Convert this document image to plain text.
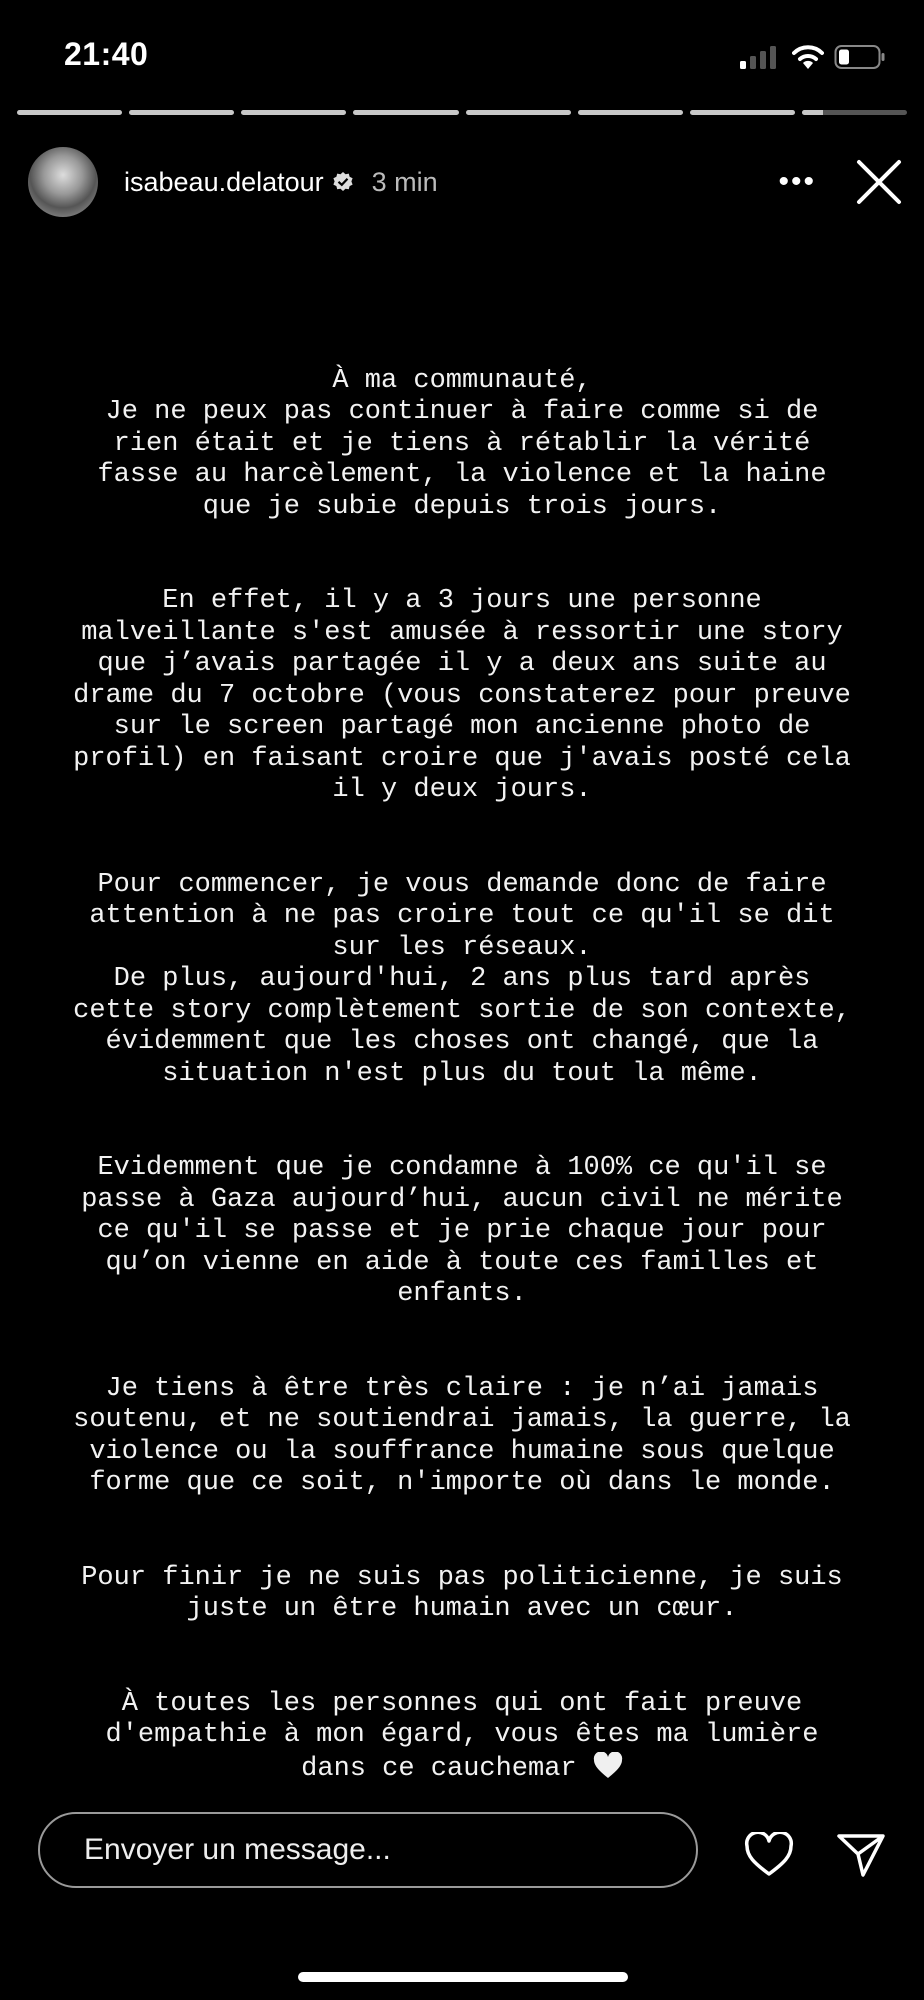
21:40
isabeau.delatour 3 min	•••

À ma communauté,
Je ne peux pas continuer à faire comme si de
rien était et je tiens à rétablir la vérité
fasse au harcèlement, la violence et la haine
que je subie depuis trois jours.

En effet, il y a 3 jours une personne
malveillante s'est amusée à ressortir une story
que j’avais partagée il y a deux ans suite au
drame du 7 octobre (vous constaterez pour preuve
sur le screen partagé mon ancienne photo de
profil) en faisant croire que j'avais posté cela
il y deux jours.

Pour commencer, je vous demande donc de faire
attention à ne pas croire tout ce qu'il se dit
sur les réseaux.
De plus, aujourd'hui, 2 ans plus tard après
cette story complètement sortie de son contexte,
évidemment que les choses ont changé, que la
situation n'est plus du tout la même.

Evidemment que je condamne à 100% ce qu'il se
passe à Gaza aujourd’hui, aucun civil ne mérite
ce qu'il se passe et je prie chaque jour pour
qu’on vienne en aide à toute ces familles et
enfants.

Je tiens à être très claire : je n’ai jamais
soutenu, et ne soutiendrai jamais, la guerre, la
violence ou la souffrance humaine sous quelque
forme que ce soit, n'importe où dans le monde.

Pour finir je ne suis pas politicienne, je suis
juste un être humain avec un cœur.

À toutes les personnes qui ont fait preuve
d'empathie à mon égard, vous êtes ma lumière
dans ce cauchemar

Envoyer un message...
